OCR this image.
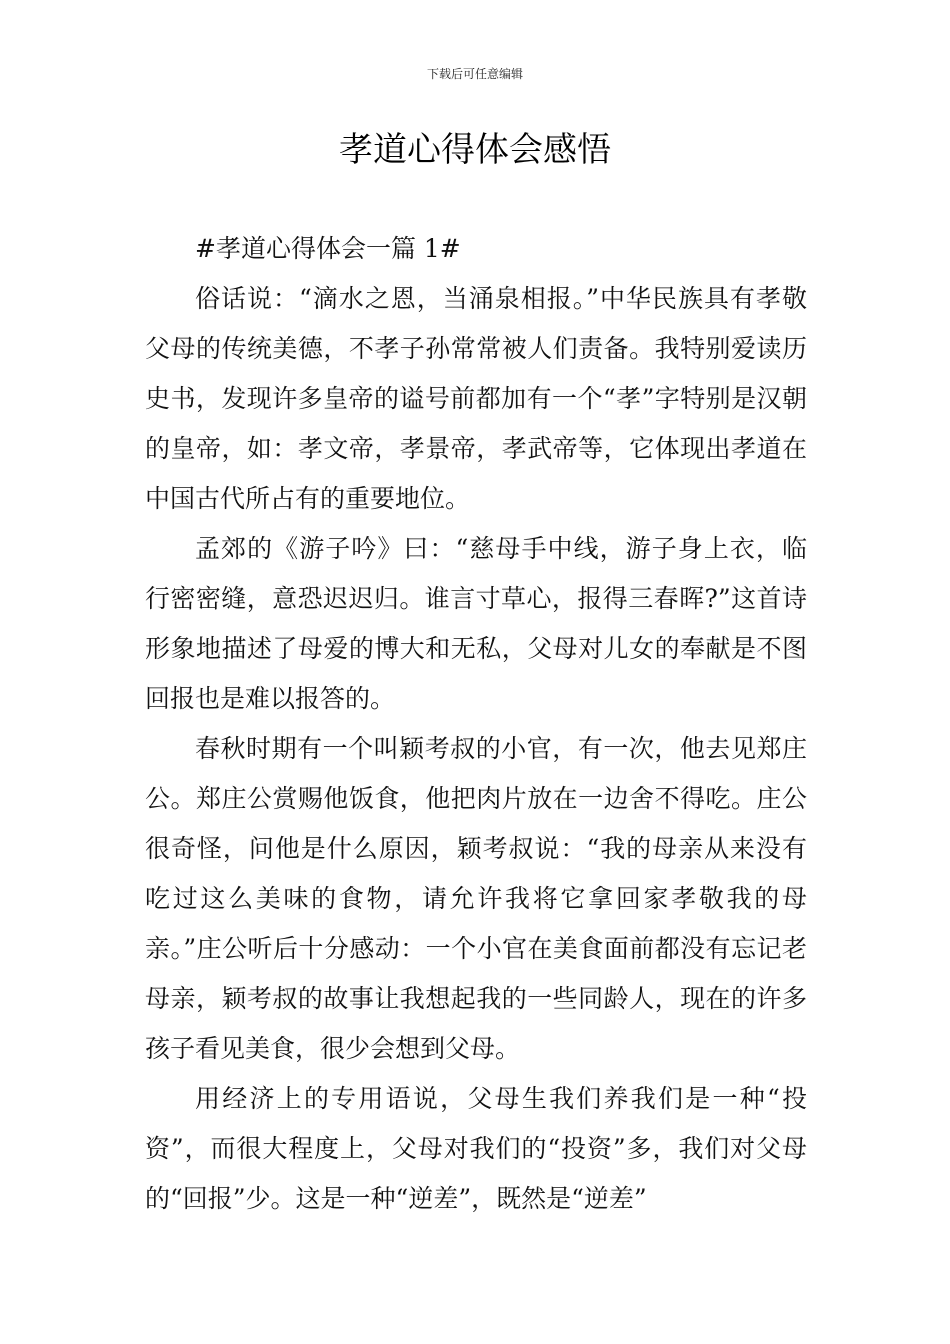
下载后可任意编辑
孝道心得体会感悟

#孝道心得体会一篇 1#

俗话说：“滴水之恩，当涌泉相报。”中华民族具有孝敬父母的传统美德，不孝子孙常常被人们责备。我特别爱读历史书，发现许多皇帝的谥号前都加有一个“孝”字特别是汉朝的皇帝，如：孝文帝，孝景帝，孝武帝等，它体现出孝道在中国古代所占有的重要地位。

孟郊的《游子吟》曰：“慈母手中线，游子身上衣，临行密密缝，意恐迟迟归。谁言寸草心，报得三春晖?”这首诗形象地描述了母爱的博大和无私，父母对儿女的奉献是不图回报也是难以报答的。

春秋时期有一个叫颖考叔的小官，有一次，他去见郑庄公。郑庄公赏赐他饭食，他把肉片放在一边舍不得吃。庄公很奇怪，问他是什么原因，颖考叔说：“我的母亲从来没有吃过这么美味的食物，请允许我将它拿回家孝敬我的母亲。”庄公听后十分感动：一个小官在美食面前都没有忘记老母亲，颖考叔的故事让我想起我的一些同龄人，现在的许多孩子看见美食，很少会想到父母。

用经济上的专用语说，父母生我们养我们是一种“投资”，而很大程度上，父母对我们的“投资”多，我们对父母的“回报”少。这是一种“逆差”，既然是“逆差”
